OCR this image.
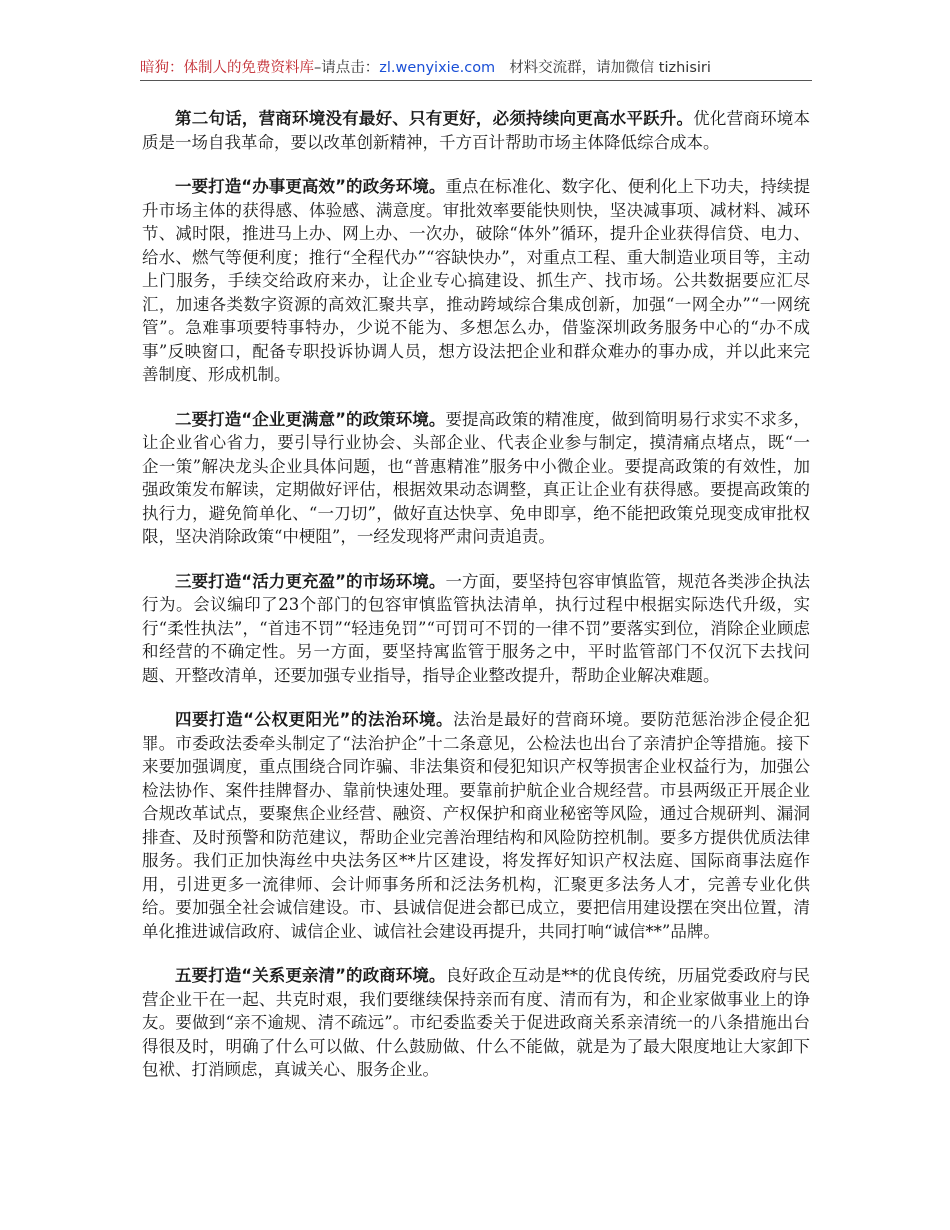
暗狗：体制人的免费资料库–请点击：zl.wenyixie.com 材料交流群，请加微信 tizhisiri

第二句话，营商环境没有最好、只有更好，必须持续向更高水平跃升。优化营商环境本质是一场自我革命，要以改革创新精神，千方百计帮助市场主体降低综合成本。

一要打造“办事更高效”的政务环境。重点在标准化、数字化、便利化上下功夫，持续提升市场主体的获得感、体验感、满意度。审批效率要能快则快，坚决减事项、减材料、减环节、减时限，推进马上办、网上办、一次办，破除“体外”循环，提升企业获得信贷、电力、给水、燃气等便利度；推行“全程代办”“容缺快办”，对重点工程、重大制造业项目等，主动上门服务，手续交给政府来办，让企业专心搞建设、抓生产、找市场。公共数据要应汇尽汇，加速各类数字资源的高效汇聚共享，推动跨域综合集成创新，加强“一网全办”“一网统管”。急难事项要特事特办，少说不能为、多想怎么办，借鉴深圳政务服务中心的“办不成事”反映窗口，配备专职投诉协调人员，想方设法把企业和群众难办的事办成，并以此来完善制度、形成机制。

二要打造“企业更满意”的政策环境。要提高政策的精准度，做到简明易行求实不求多，让企业省心省力，要引导行业协会、头部企业、代表企业参与制定，摸清痛点堵点，既“一企一策”解决龙头企业具体问题，也“普惠精准”服务中小微企业。要提高政策的有效性，加强政策发布解读，定期做好评估，根据效果动态调整，真正让企业有获得感。要提高政策的执行力，避免简单化、“一刀切”，做好直达快享、免申即享，绝不能把政策兑现变成审批权限，坚决消除政策“中梗阻”，一经发现将严肃问责追责。

三要打造“活力更充盈”的市场环境。一方面，要坚持包容审慎监管，规范各类涉企执法行为。会议编印了23个部门的包容审慎监管执法清单，执行过程中根据实际迭代升级，实行“柔性执法”，“首违不罚”“轻违免罚”“可罚可不罚的一律不罚”要落实到位，消除企业顾虑和经营的不确定性。另一方面，要坚持寓监管于服务之中，平时监管部门不仅沉下去找问题、开整改清单，还要加强专业指导，指导企业整改提升，帮助企业解决难题。

四要打造“公权更阳光”的法治环境。法治是最好的营商环境。要防范惩治涉企侵企犯罪。市委政法委牵头制定了“法治护企”十二条意见，公检法也出台了亲清护企等措施。接下来要加强调度，重点围绕合同诈骗、非法集资和侵犯知识产权等损害企业权益行为，加强公检法协作、案件挂牌督办、靠前快速处理。要靠前护航企业合规经营。市县两级正开展企业合规改革试点，要聚焦企业经营、融资、产权保护和商业秘密等风险，通过合规研判、漏洞排查、及时预警和防范建议，帮助企业完善治理结构和风险防控机制。要多方提供优质法律服务。我们正加快海丝中央法务区**片区建设，将发挥好知识产权法庭、国际商事法庭作用，引进更多一流律师、会计师事务所和泛法务机构，汇聚更多法务人才，完善专业化供给。要加强全社会诚信建设。市、县诚信促进会都已成立，要把信用建设摆在突出位置，清单化推进诚信政府、诚信企业、诚信社会建设再提升，共同打响“诚信**”品牌。

五要打造“关系更亲清”的政商环境。良好政企互动是**的优良传统，历届党委政府与民营企业干在一起、共克时艰，我们要继续保持亲而有度、清而有为，和企业家做事业上的诤友。要做到“亲不逾规、清不疏远”。市纪委监委关于促进政商关系亲清统一的八条措施出台得很及时，明确了什么可以做、什么鼓励做、什么不能做，就是为了最大限度地让大家卸下包袱、打消顾虑，真诚关心、服务企业。
